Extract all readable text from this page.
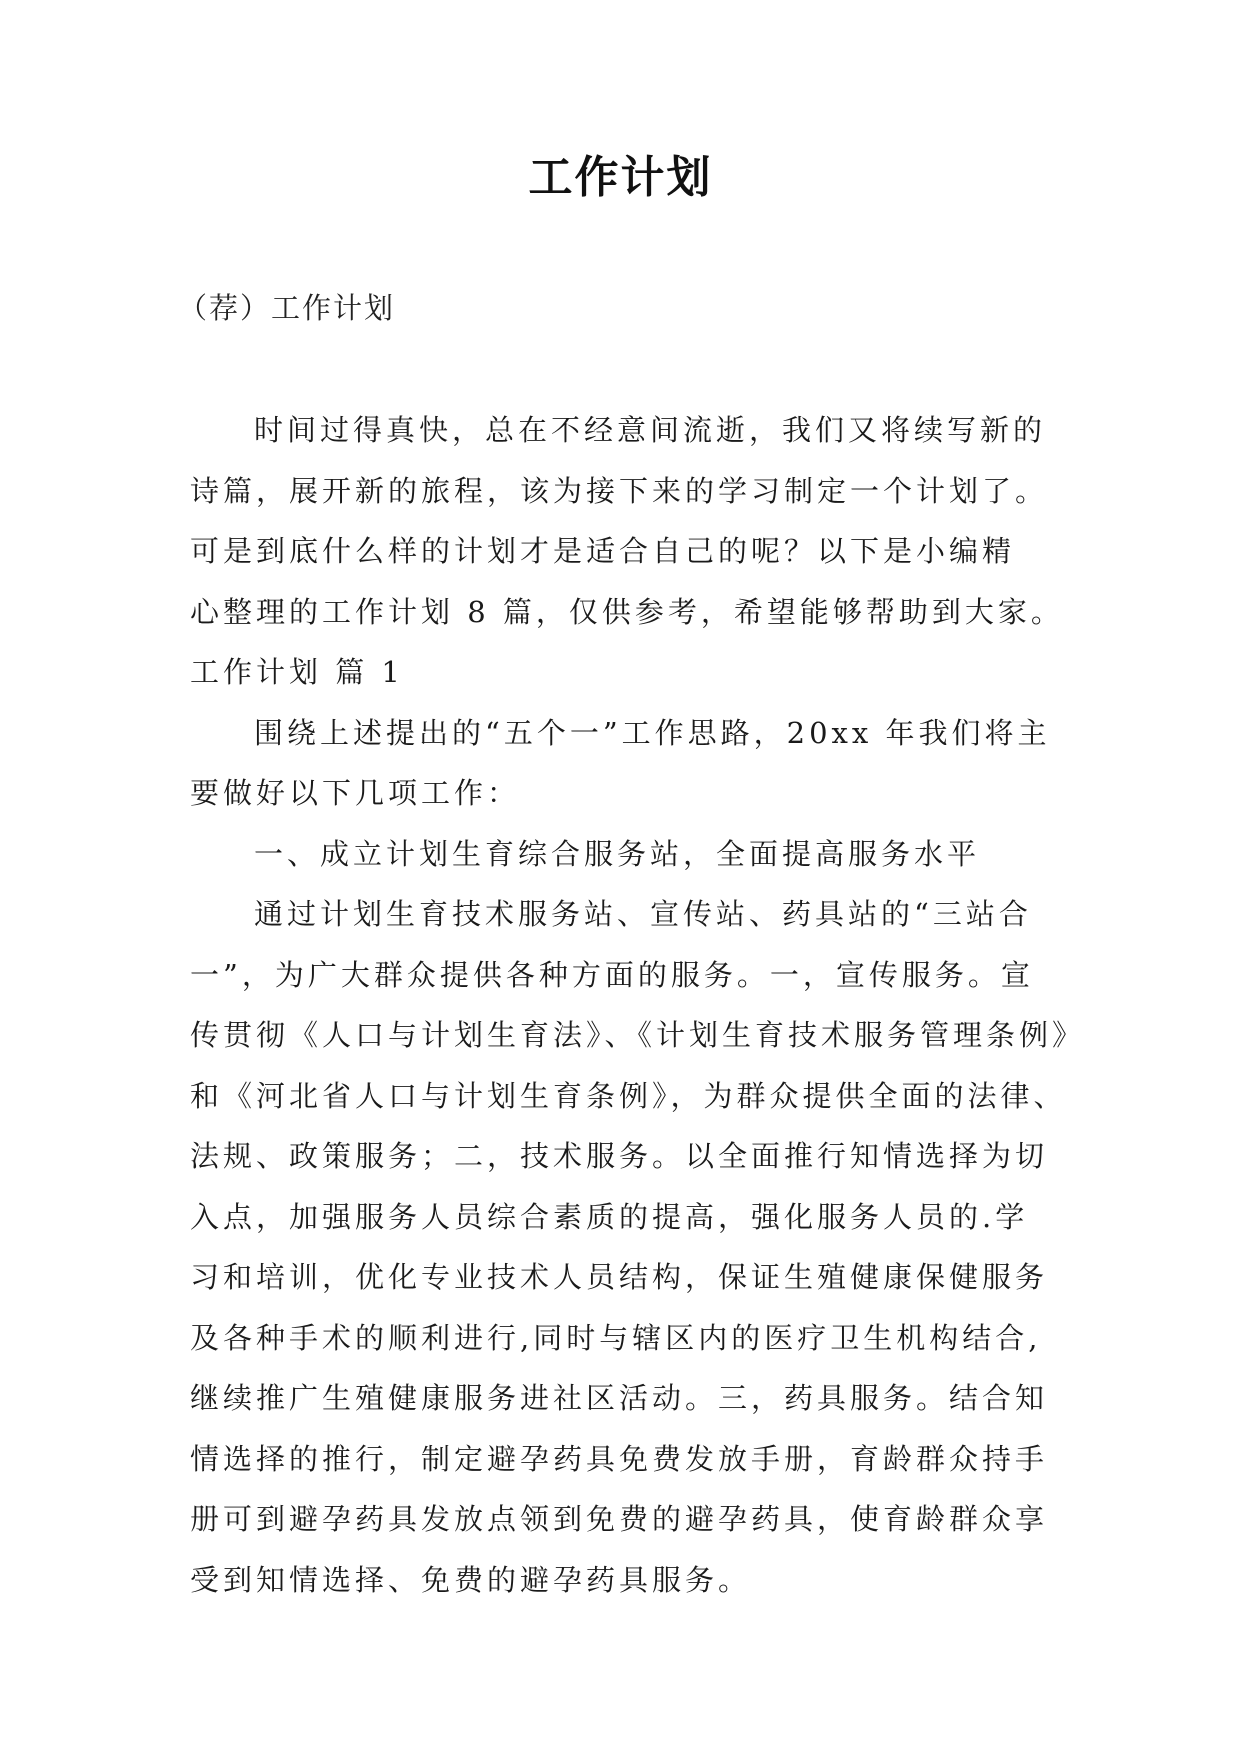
工作计划
（荐）工作计划
时间过得真快，总在不经意间流逝，我们又将续写新的
诗篇，展开新的旅程，该为接下来的学习制定一个计划了。
可是到底什么样的计划才是适合自己的呢？以下是小编精
心整理的工作计划 8 篇，仅供参考，希望能够帮助到大家。
工作计划 篇 1
围绕上述提出的“五个一”工作思路，20xx 年我们将主
要做好以下几项工作：
一、成立计划生育综合服务站，全面提高服务水平
通过计划生育技术服务站、宣传站、药具站的“三站合
一”，为广大群众提供各种方面的服务。一，宣传服务。宣
传贯彻《人口与计划生育法》、《计划生育技术服务管理条例》
和《河北省人口与计划生育条例》，为群众提供全面的法律、
法规、政策服务；二，技术服务。以全面推行知情选择为切
入点，加强服务人员综合素质的提高，强化服务人员的.学
习和培训，优化专业技术人员结构，保证生殖健康保健服务
及各种手术的顺利进行,同时与辖区内的医疗卫生机构结合,
继续推广生殖健康服务进社区活动。三，药具服务。结合知
情选择的推行，制定避孕药具免费发放手册，育龄群众持手
册可到避孕药具发放点领到免费的避孕药具，使育龄群众享
受到知情选择、免费的避孕药具服务。
